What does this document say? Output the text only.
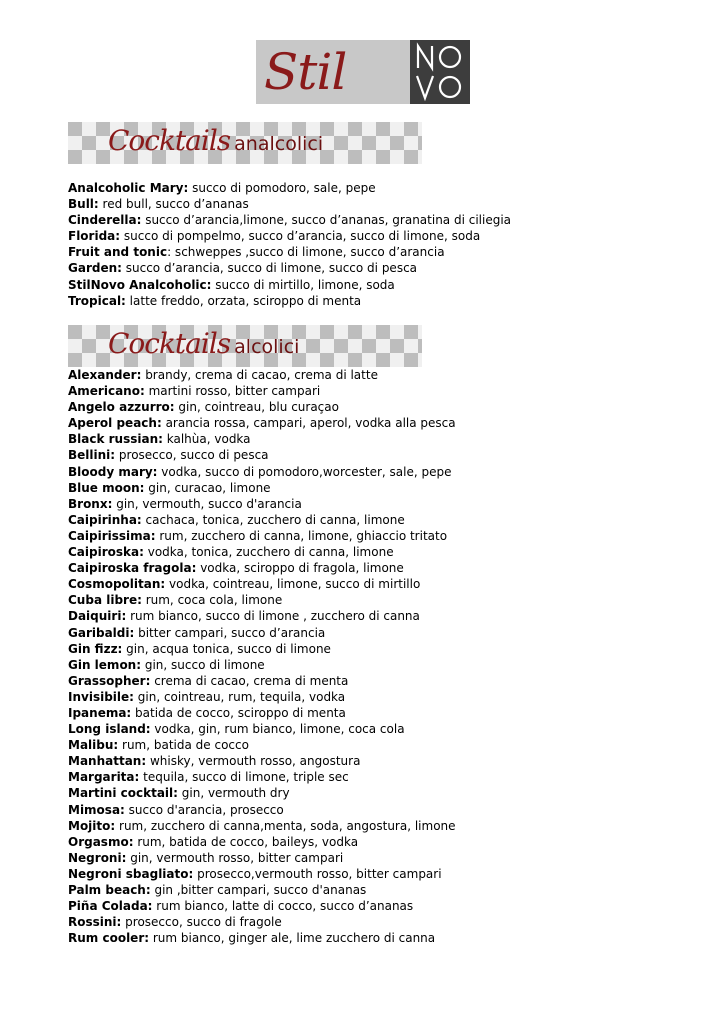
Stil
Cocktails analcolici
Analcoholic Mary: succo di pomodoro, sale, pepe
Bull: red bull, succo d’ananas
Cinderella: succo d’arancia,limone, succo d’ananas, granatina di ciliegia
Florida: succo di pompelmo, succo d’arancia, succo di limone, soda
Fruit and tonic: schweppes ,succo di limone, succo d’arancia
Garden: succo d’arancia, succo di limone, succo di pesca
StilNovo Analcoholic: succo di mirtillo, limone, soda
Tropical: latte freddo, orzata, sciroppo di menta
Cocktails alcolici
Alexander: brandy, crema di cacao, crema di latte
Americano: martini rosso, bitter campari
Angelo azzurro: gin, cointreau, blu curaçao
Aperol peach: arancia rossa, campari, aperol, vodka alla pesca
Black russian: kalhùa, vodka
Bellini: prosecco, succo di pesca
Bloody mary: vodka, succo di pomodoro,worcester, sale, pepe
Blue moon: gin, curacao, limone
Bronx: gin, vermouth, succo d'arancia
Caipirinha: cachaca, tonica, zucchero di canna, limone
Caipirissima: rum, zucchero di canna, limone, ghiaccio tritato
Caipiroska: vodka, tonica, zucchero di canna, limone
Caipiroska fragola: vodka, sciroppo di fragola, limone
Cosmopolitan: vodka, cointreau, limone, succo di mirtillo
Cuba libre: rum, coca cola, limone
Daiquiri: rum bianco, succo di limone , zucchero di canna
Garibaldi: bitter campari, succo d’arancia
Gin fizz: gin, acqua tonica, succo di limone
Gin lemon: gin, succo di limone
Grassopher: crema di cacao, crema di menta
Invisibile: gin, cointreau, rum, tequila, vodka
Ipanema: batida de cocco, sciroppo di menta
Long island: vodka, gin, rum bianco, limone, coca cola
Malibu: rum, batida de cocco
Manhattan: whisky, vermouth rosso, angostura
Margarita: tequila, succo di limone, triple sec
Martini cocktail: gin, vermouth dry
Mimosa: succo d'arancia, prosecco
Mojito: rum, zucchero di canna,menta, soda, angostura, limone
Orgasmo: rum, batida de cocco, baileys, vodka
Negroni: gin, vermouth rosso, bitter campari
Negroni sbagliato: prosecco,vermouth rosso, bitter campari
Palm beach: gin ,bitter campari, succo d'ananas
Piña Colada: rum bianco, latte di cocco, succo d’ananas
Rossini: prosecco, succo di fragole
Rum cooler: rum bianco, ginger ale, lime zucchero di canna
